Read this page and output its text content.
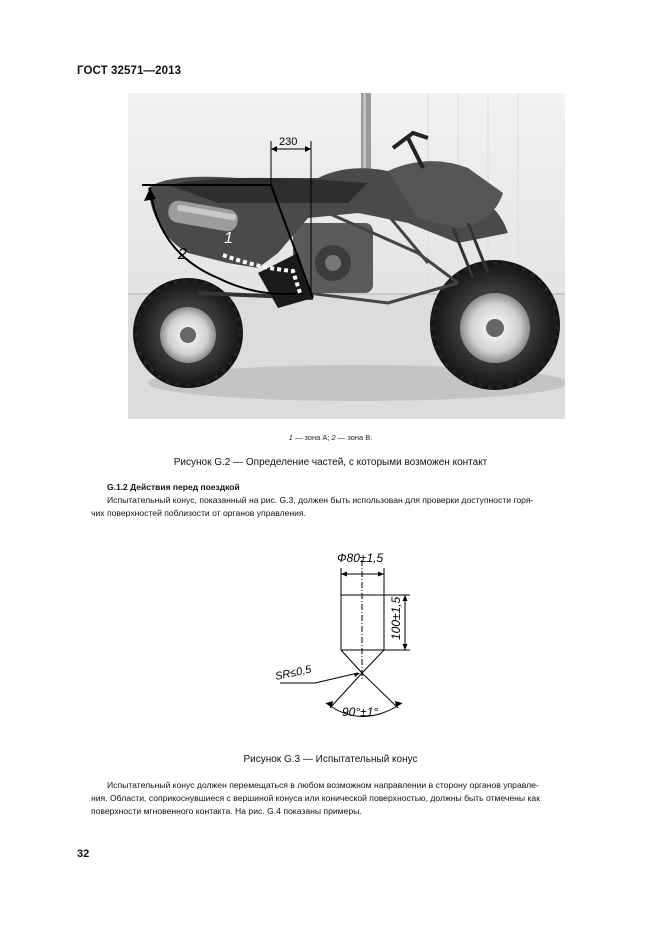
ГОСТ 32571—2013
230
1
2
1 — зона А; 2 — зона В.
Рисунок G.2 — Определение частей, с которыми возможен контакт
G.1.2 Действия перед поездкой
Испытательный конус, показанный на рис. G.3, должен быть использован для проверки доступности горя-
чих поверхностей поблизости от органов управления.
Ф80±1,5
100±1,5
SR≤0,5
90°±1°
Рисунок G.3 — Испытательный конус
Испытательный конус должен перемещаться в любом возможном направлении в сторону органов управле-
ния. Области, соприкоснувшиеся с вершиной конуса или конической поверхностью, должны быть отмечены как
поверхности мгновенного контакта. На рис. G.4 показаны примеры.
32
